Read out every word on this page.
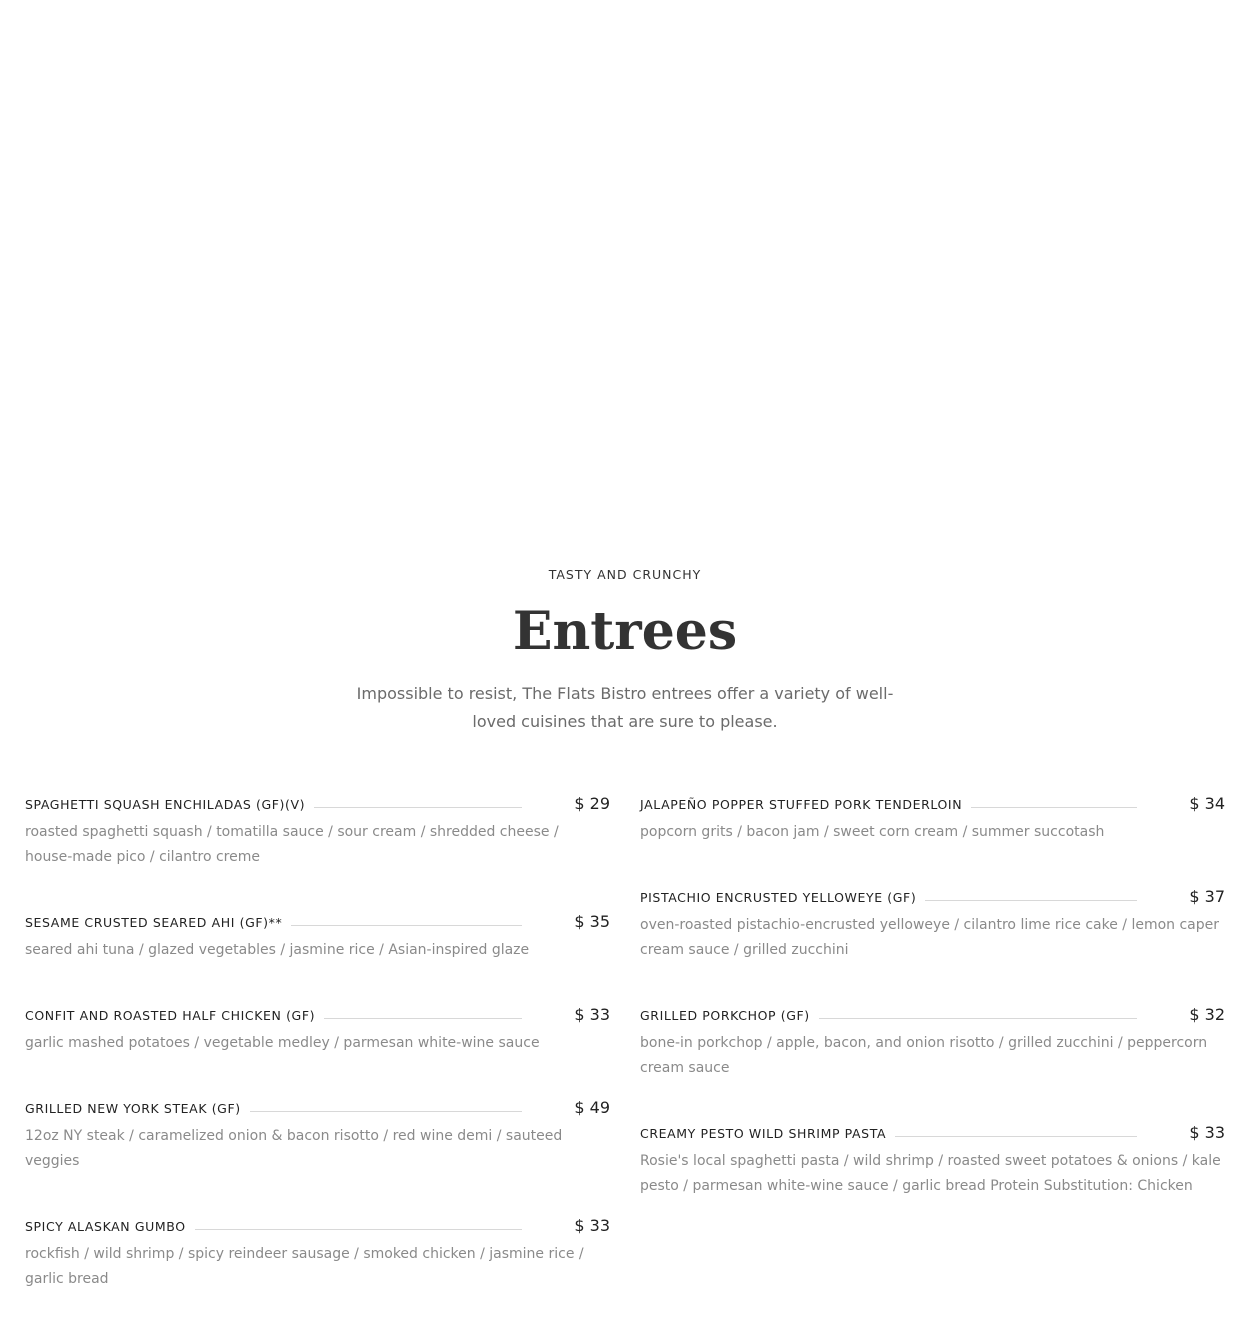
TASTY AND CRUNCHY
Entrees
Impossible to resist, The Flats Bistro entrees offer a variety of well-loved cuisines that are sure to please.
SPAGHETTI SQUASH ENCHILADAS (GF)(V)	$ 29
roasted spaghetti squash / tomatilla sauce / sour cream / shredded cheese / house-made pico / cilantro creme
SESAME CRUSTED SEARED AHI (GF)**	$ 35
seared ahi tuna / glazed vegetables / jasmine rice / Asian-inspired glaze
CONFIT AND ROASTED HALF CHICKEN (GF)	$ 33
garlic mashed potatoes / vegetable medley / parmesan white-wine sauce
GRILLED NEW YORK STEAK (GF)	$ 49
12oz NY steak / caramelized onion & bacon risotto / red wine demi / sauteed veggies
SPICY ALASKAN GUMBO	$ 33
rockfish / wild shrimp / spicy reindeer sausage / smoked chicken / jasmine rice / garlic bread
JALAPEÑO POPPER STUFFED PORK TENDERLOIN	$ 34
popcorn grits / bacon jam / sweet corn cream / summer succotash
PISTACHIO ENCRUSTED YELLOWEYE (GF)	$ 37
oven-roasted pistachio-encrusted yelloweye / cilantro lime rice cake / lemon caper cream sauce / grilled zucchini
GRILLED PORKCHOP (GF)	$ 32
bone-in porkchop / apple, bacon, and onion risotto / grilled zucchini / peppercorn cream sauce
CREAMY PESTO WILD SHRIMP PASTA	$ 33
Rosie's local spaghetti pasta / wild shrimp / roasted sweet potatoes & onions / kale pesto / parmesan white-wine sauce / garlic bread Protein Substitution: Chicken
